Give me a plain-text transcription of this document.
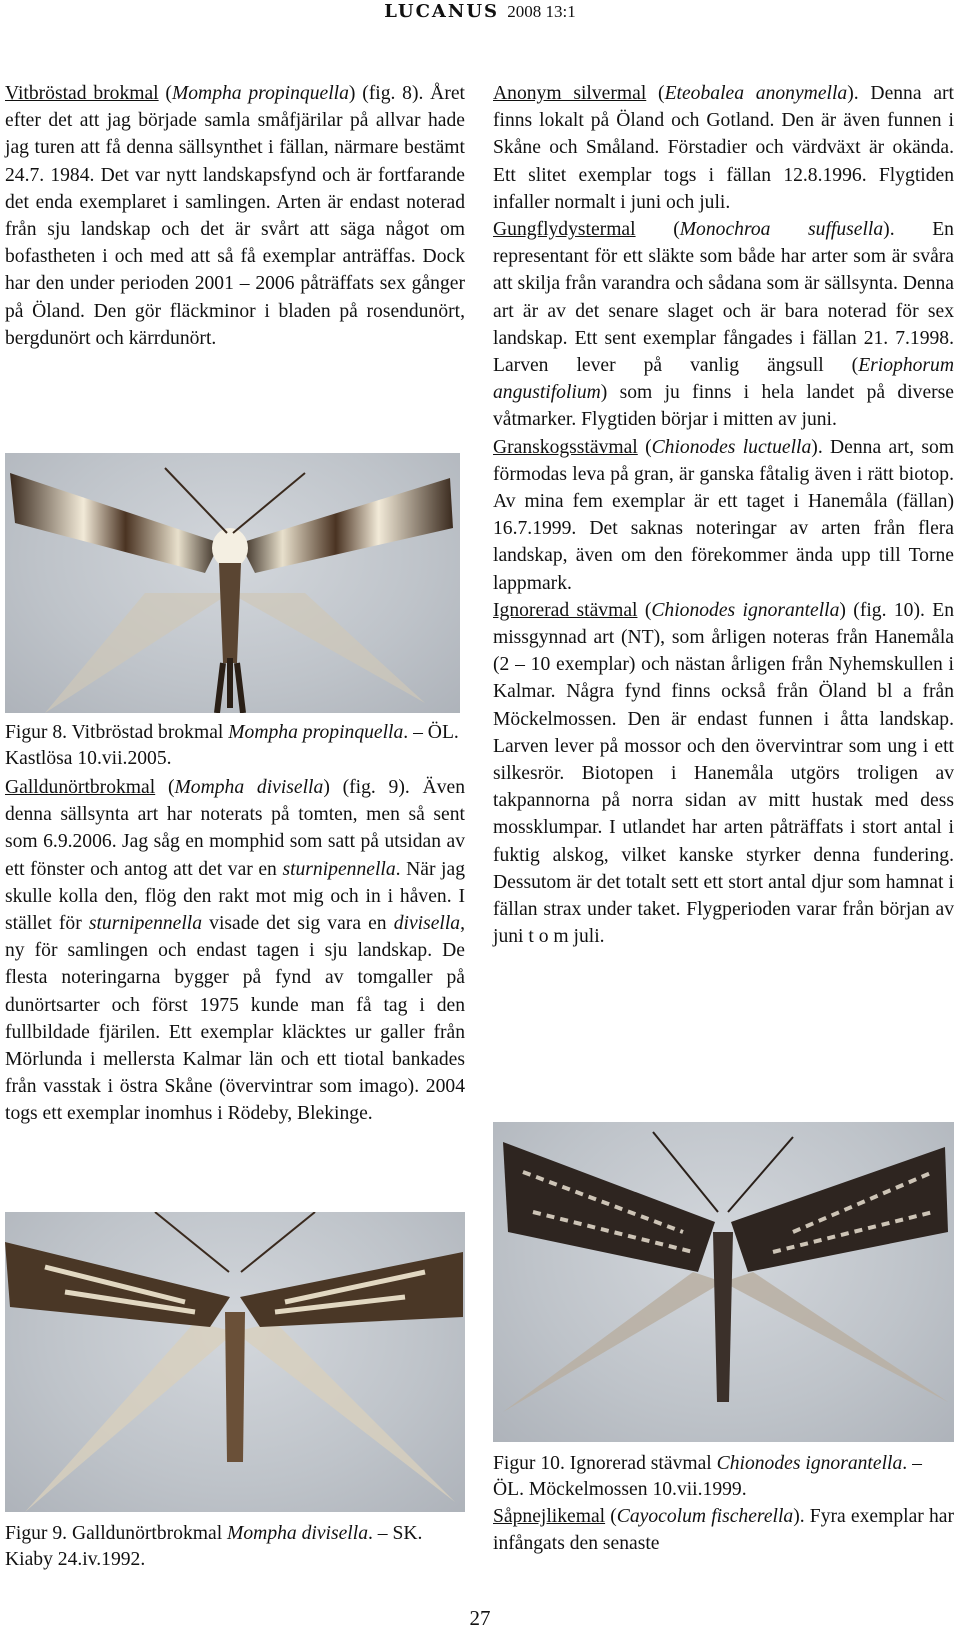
LUCANUS 2008 13:1

Vitbröstad brokmal (Mompha propinquella) (fig. 8). Året efter det att jag började samla småfjärilar på allvar hade jag turen att få denna sällsynthet i fällan, närmare bestämt 24.7. 1984. Det var nytt landskapsfynd och är fortfarande det enda exemplaret i samlingen. Arten är endast noterad från sju landskap och det är svårt att säga något om bofastheten i och med att så få exemplar anträffas. Dock har den under perioden 2001 – 2006 påträffats sex gånger på Öland. Den gör fläckminor i bladen på rosendunört, bergdunört och kärrdunört.

Figur 8. Vitbröstad brokmal Mompha propinquella. – ÖL. Kastlösa 10.vii.2005.

Galldunörtbrokmal (Mompha divisella) (fig. 9). Även denna sällsynta art har noterats på tomten, men så sent som 6.9.2006. Jag såg en momphid som satt på utsidan av ett fönster och antog att det var en sturnipennella. När jag skulle kolla den, flög den rakt mot mig och in i håven. I stället för sturnipennella visade det sig vara en divisella, ny för samlingen och endast tagen i sju landskap. De flesta noteringarna bygger på fynd av tomgaller på dunörtsarter och först 1975 kunde man få tag i den fullbildade fjärilen. Ett exemplar kläcktes ur galler från Mörlunda i mellersta Kalmar län och ett tiotal bankades från vasstak i östra Skåne (övervintrar som imago). 2004 togs ett exemplar inomhus i Rödeby, Blekinge.

Figur 9. Galldunörtbrokmal Mompha divisella. – SK. Kiaby 24.iv.1992.

Anonym silvermal (Eteobalea anonymella). Denna art finns lokalt på Öland och Gotland. Den är även funnen i Skåne och Småland. Förstadier och värdväxt är okända. Ett slitet exemplar togs i fällan 12.8.1996. Flygtiden infaller normalt i juni och juli.

Gungflydystermal (Monochroa suffusella). En representant för ett släkte som både har arter som är svåra att skilja från varandra och sådana som är sällsynta. Denna art är av det senare slaget och är bara noterad för sex landskap. Ett sent exemplar fångades i fällan 21. 7.1998. Larven lever på vanlig ängsull (Eriophorum angustifolium) som ju finns i hela landet på diverse våtmarker. Flygtiden börjar i mitten av juni.

Granskogsstävmal (Chionodes luctuella). Denna art, som förmodas leva på gran, är ganska fåtalig även i rätt biotop. Av mina fem exemplar är ett taget i Hanemåla (fällan) 16.7.1999. Det saknas noteringar av arten från flera landskap, även om den förekommer ända upp till Torne lappmark.

Ignorerad stävmal (Chionodes ignorantella) (fig. 10). En missgynnad art (NT), som årligen noteras från Hanemåla (2 – 10 exemplar) och nästan årligen från Nyhemskullen i Kalmar. Några fynd finns också från Öland bl a från Möckelmossen. Den är endast funnen i åtta landskap. Larven lever på mossor och den övervintrar som ung i ett silkesrör. Biotopen i Hanemåla utgörs troligen av takpannorna på norra sidan av mitt hustak med dess mossklumpar. I utlandet har arten påträffats i stort antal i fuktig alskog, vilket kanske styrker denna fundering. Dessutom är det totalt sett ett stort antal djur som hamnat i fällan strax under taket. Flygperioden varar från början av juni t o m juli.

Figur 10. Ignorerad stävmal Chionodes ignorantella. – ÖL. Möckelmossen 10.vii.1999.

Såpnejlikemal (Cayocolum fischerella). Fyra exemplar har infångats den senaste

27
